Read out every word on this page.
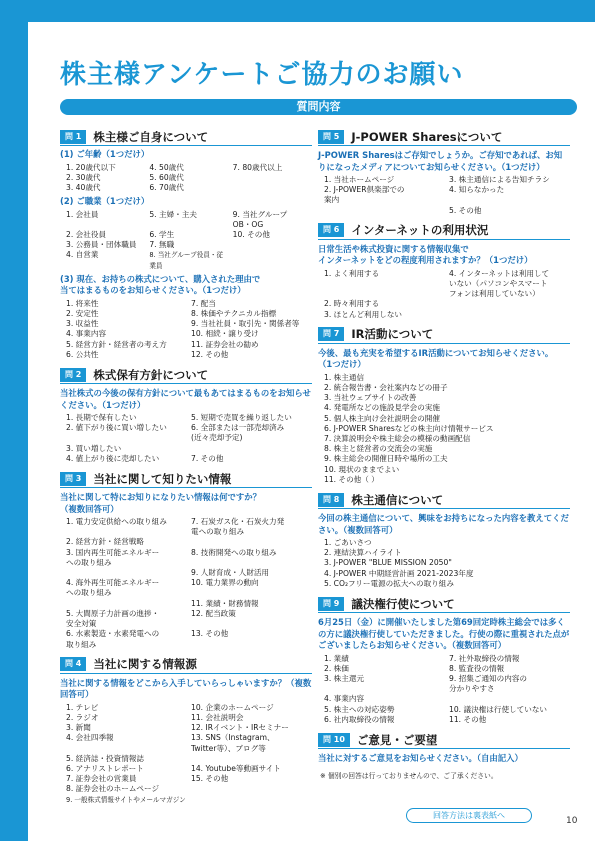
株主様アンケートご協力のお願い
質問内容
問 1	株主様ご自身について
(1) ご年齢（1つだけ）
1. 20歳代以下	4. 50歳代	7. 80歳代以上
2. 30歳代	5. 60歳代
3. 40歳代	6. 70歳代
(2) ご職業（1つだけ）
1. 会社員	5. 主婦・主夫	9. 当社グループ
OB・OG
2. 会社役員	6. 学生	10. その他
3. 公務員・団体職員	7. 無職
4. 自営業	8. 当社グループ役員・従業員
(3) 現在、お持ちの株式について、購入された理由で
当てはまるものをお知らせください。（1つだけ）
1. 将来性	7. 配当
2. 安定性	8. 株価やテクニカル指標
3. 収益性	9. 当社社員・取引先・関係者等
4. 事業内容	10. 相続・譲り受け
5. 経営方針・経営者の考え方	11. 証券会社の勧め
6. 公共性	12. その他
問 2	株式保有方針について
当社株式の今後の保有方針について最もあてはまるものをお知らせください。（1つだけ）
1. 長期で保有したい	5. 短期で売買を繰り返したい
2. 値下がり後に買い増したい	6. 全部または一部売却済み
(近々売却予定)
3. 買い増したい
4. 値上がり後に売却したい	7. その他
問 3	当社に関して知りたい情報
当社に関して特にお知りになりたい情報は何ですか？
（複数回答可）
1. 電力安定供給への取り組み	7. 石炭ガス化・石炭火力発
電への取り組み
2. 経営方針・経営戦略
3. 国内再生可能エネルギー
への取り組み
8. 技術開発への取り組み
9. 人財育成・人財活用
4. 海外再生可能エネルギー
への取り組み
10. 電力業界の動向
11. 業績・財務情報
5. 大間原子力計画の進捗・
安全対策
12. 配当政策
6. 水素製造・水素発電への
取り組み
13. その他
問 4	当社に関する情報源
当社に関する情報をどこから入手していらっしゃいますか？（複数回答可）
1. テレビ	10. 企業のホームページ
2. ラジオ	11. 会社説明会
3. 新聞	12. IRイベント・IRセミナー
4. 会社四季報	13. SNS（Instagram、
Twitter等）、ブログ等
5. 経済誌・投資情報誌
6. アナリストレポート	14. Youtube等動画サイト
7. 証券会社の営業員	15. その他
8. 証券会社のホームページ
9. 一般株式情報サイトやメールマガジン
問 5	J-POWER Sharesについて
J-POWER Sharesはご存知でしょうか。ご存知であれば、お知りになったメディアについてお知らせください。（1つだけ）
1. 当社ホームページ	3. 株主通信による告知チラシ
2. J-POWER倶楽部での
案内
4. 知らなかった
5. その他
問 6	インターネットの利用状況
日常生活や株式投資に関する情報収集で
インターネットをどの程度利用されますか？（1つだけ）
1. よく利用する	4. インターネットは利用して
いない（パソコンやスマート
フォンは利用していない）
2. 時々利用する
3. ほとんど利用しない
問 7	IR活動について
今後、最も充実を希望するIR活動についてお知らせください。
（1つだけ）
1. 株主通信
2. 統合報告書・会社案内などの冊子
3. 当社ウェブサイトの改善
4. 発電所などの施設見学会の実施
5. 個人株主向け会社説明会の開催
6. J-POWER Sharesなどの株主向け情報サービス
7. 決算説明会や株主総会の模様の動画配信
8. 株主と経営者の交流会の実施
9. 株主総会の開催日時や場所の工夫
10. 現状のままでよい
11. その他（ ）
問 8	株主通信について
今回の株主通信について、興味をお持ちになった内容を教えてください。（複数回答可）
1. ごあいさつ
2. 連結決算ハイライト
3. J-POWER "BLUE MISSION 2050"
4. J-POWER 中期経営計画 2021-2023年度
5. CO₂フリー電源の拡大への取り組み
問 9	議決権行使について
6月25日（金）に開催いたしました第69回定時株主総会では多くの方に議決権行使していただきました。行使の際に重視された点がございましたらお知らせください。（複数回答可）
1. 業績	7. 社外取締役の情報
2. 株価	8. 監査役の情報
3. 株主還元	9. 招集ご通知の内容の
分かりやすさ
4. 事業内容
5. 株主への対応姿勢	10. 議決権は行使していない
6. 社内取締役の情報	11. その他
問 10	ご意見・ご要望
当社に対するご意見をお知らせください。（自由記入）
※ 個別の回答は行っておりませんので、ご了承ください。
回答方法は裏表紙へ
10
